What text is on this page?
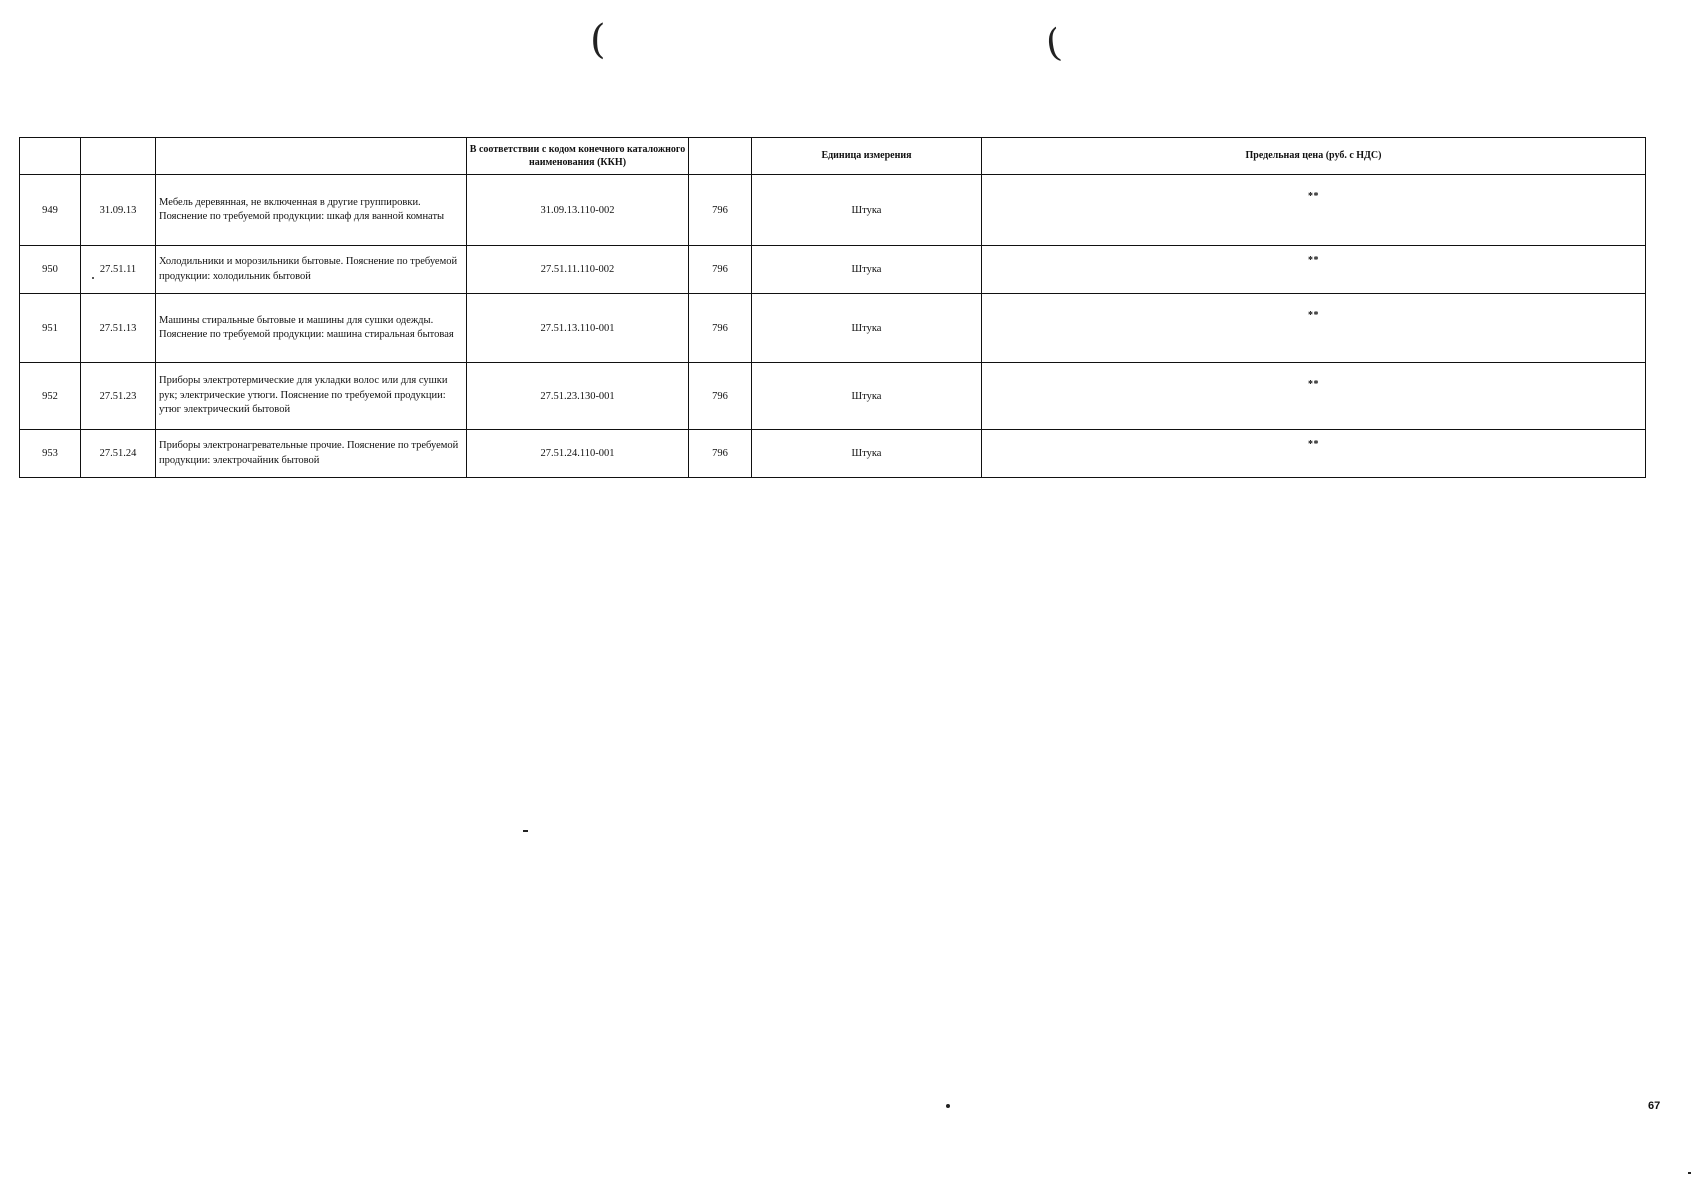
(	(
			В соответствии с кодом конечного каталожного наименования (ККН)		Единица измерения	Предельная цена (руб. с НДС)
949	31.09.13	Мебель деревянная, не включенная в другие группировки. Пояснение по требуемой продукции: шкаф для ванной комнаты	31.09.13.110-002	796	Штука	**
950	27.51.11	Холодильники и морозильники бытовые. Пояснение по требуемой продукции: холодильник бытовой	27.51.11.110-002	796	Штука	**
951	27.51.13	Машины стиральные бытовые и машины для сушки одежды. Пояснение по требуемой продукции: машина стиральная бытовая	27.51.13.110-001	796	Штука	**
952	27.51.23	Приборы электротермические для укладки волос или для сушки рук; электрические утюги. Пояснение по требуемой продукции: утюг электрический бытовой	27.51.23.130-001	796	Штука	**
953	27.51.24	Приборы электронагревательные прочие. Пояснение по требуемой продукции: электрочайник бытовой	27.51.24.110-001	796	Штука	**
67
